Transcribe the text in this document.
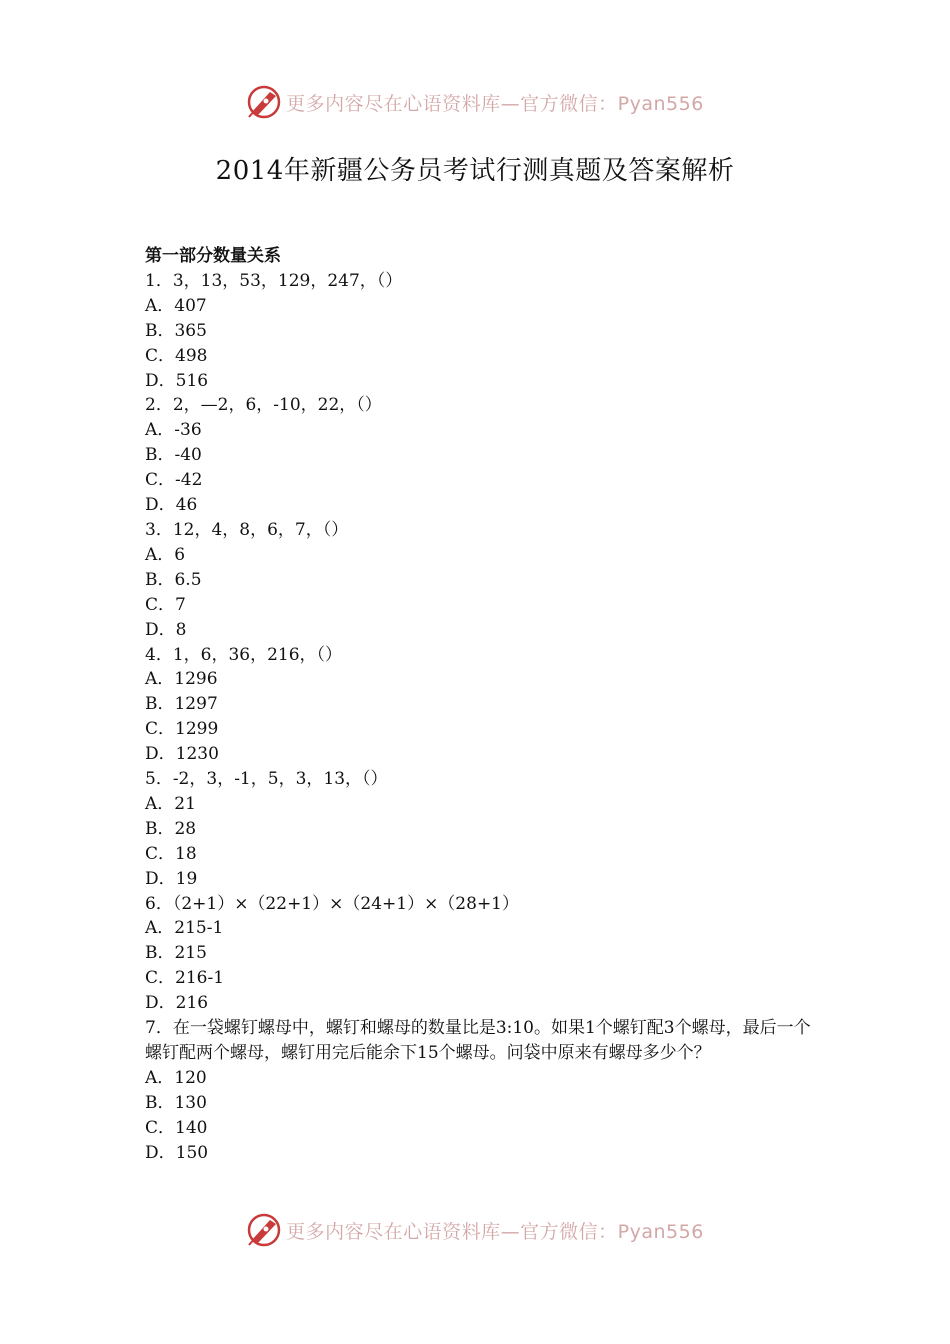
更多内容尽在心语资料库—官方微信：Pyan556
2014年新疆公务员考试行测真题及答案解析
第一部分数量关系
1．3，13，53，129，247，（）
A．407
B．365
C．498
D．516
2．2，—2，6，-10，22，（）
A．-36
B．-40
C．-42
D．46
3．12，4，8，6，7，（）
A．6
B．6.5
C．7
D．8
4．1，6，36，216，（）
A．1296
B．1297
C．1299
D．1230
5．-2，3，-1，5，3，13，（）
A．21
B．28
C．18
D．19
6．（2+1）×（22+1）×（24+1）×（28+1）
A．215-1
B．215
C．216-1
D．216
7．在一袋螺钉螺母中，螺钉和螺母的数量比是3:10。如果1个螺钉配3个螺母，最后一个螺钉配两个螺母，螺钉用完后能余下15个螺母。问袋中原来有螺母多少个？
A．120
B．130
C．140
D．150
更多内容尽在心语资料库—官方微信：Pyan556
